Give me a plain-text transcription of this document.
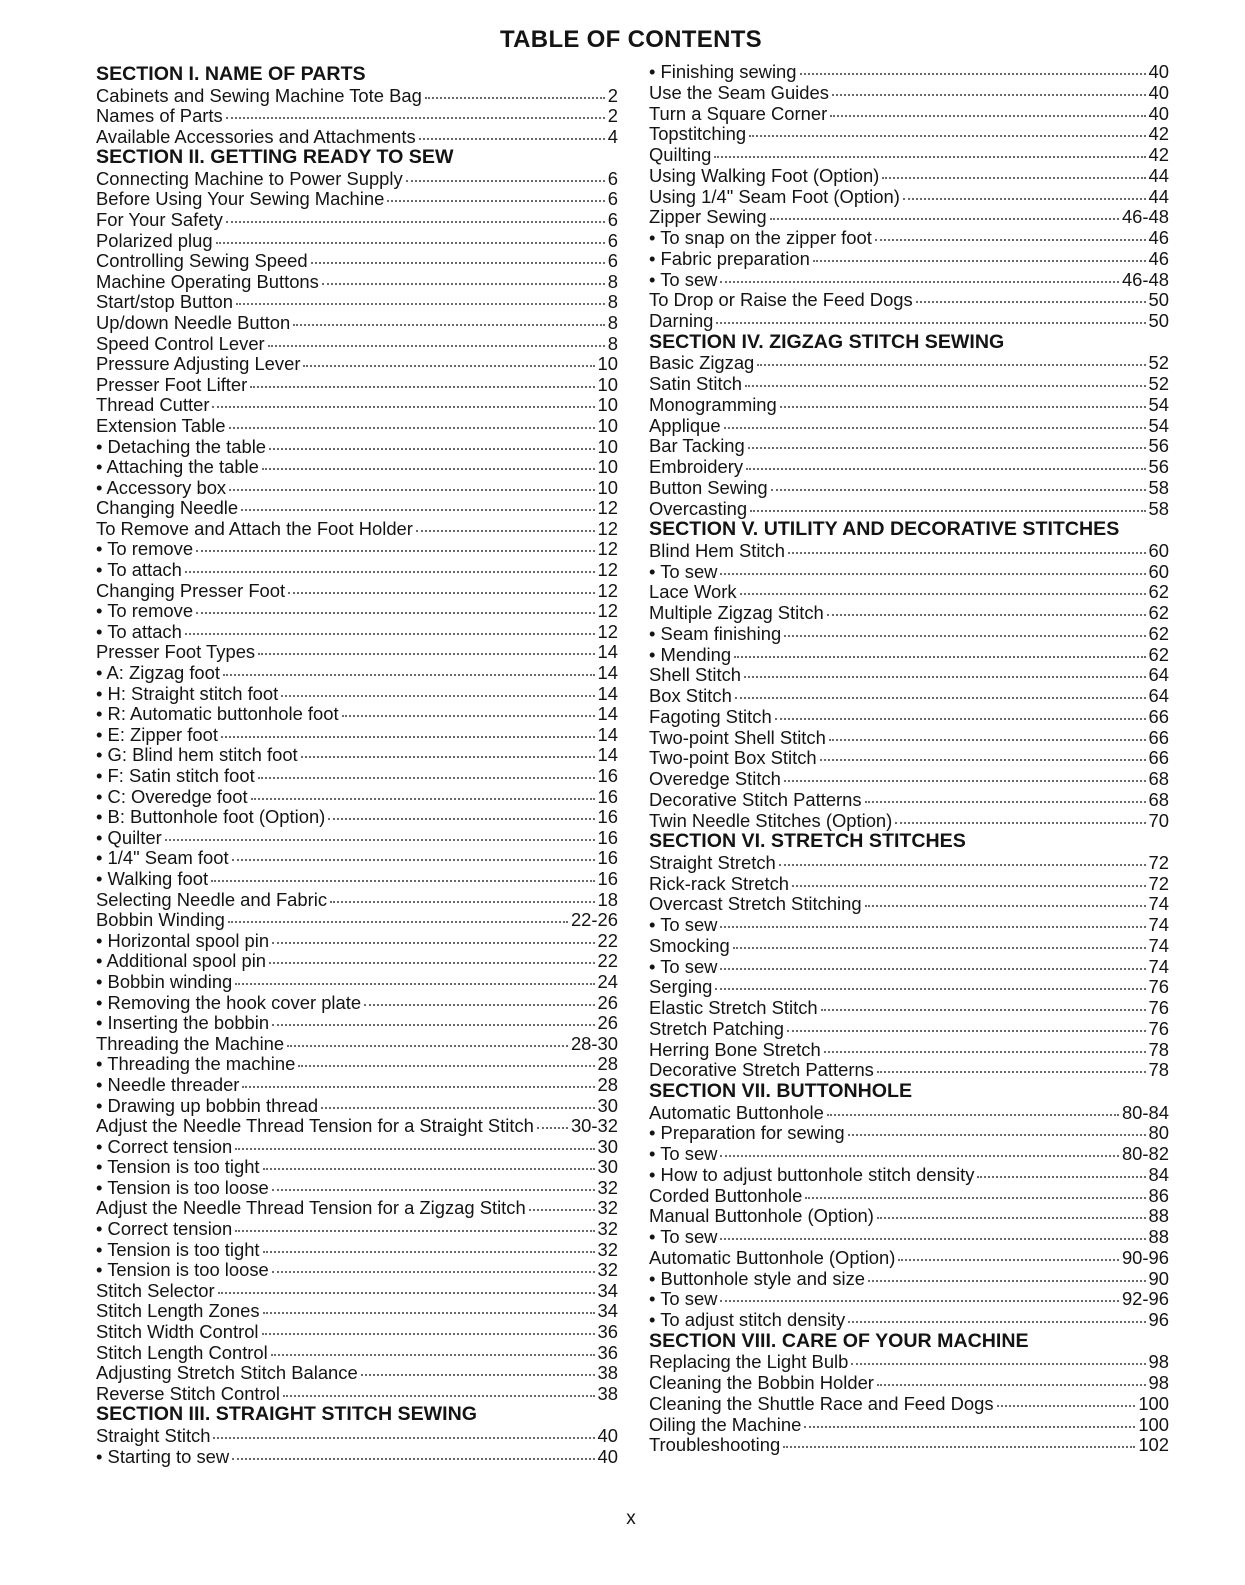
TABLE OF CONTENTS
SECTION I. NAME OF PARTS
Cabinets and Sewing Machine Tote Bag	2
Names of Parts	2
Available Accessories and Attachments	4
SECTION II. GETTING READY TO SEW
Connecting Machine to Power Supply	6
Before Using Your Sewing Machine	6
For Your Safety	6
Polarized plug	6
Controlling Sewing Speed	6
Machine Operating Buttons	8
Start/stop Button	8
Up/down Needle Button	8
Speed Control Lever	8
Pressure Adjusting Lever	10
Presser Foot Lifter	10
Thread Cutter	10
Extension Table	10
• Detaching the table	10
• Attaching the table	10
• Accessory box	10
Changing Needle	12
To Remove and Attach the Foot Holder	12
• To remove	12
• To attach	12
Changing Presser Foot	12
• To remove	12
• To attach	12
Presser Foot Types	14
• A: Zigzag foot	14
• H: Straight stitch foot	14
• R: Automatic buttonhole foot	14
• E: Zipper foot	14
• G: Blind hem stitch foot	14
• F: Satin stitch foot	16
• C: Overedge foot	16
• B: Buttonhole foot (Option)	16
• Quilter	16
• 1/4" Seam foot	16
• Walking foot	16
Selecting Needle and Fabric	18
Bobbin Winding	22-26
• Horizontal spool pin	22
• Additional spool pin	22
• Bobbin winding	24
• Removing the hook cover plate	26
• Inserting the bobbin	26
Threading the Machine	28-30
• Threading the machine	28
• Needle threader	28
• Drawing up bobbin thread	30
Adjust the Needle Thread Tension for a Straight Stitch 30-32
• Correct tension	30
• Tension is too tight	30
• Tension is too loose	32
Adjust the Needle Thread Tension for a Zigzag Stitch	32
• Correct tension	32
• Tension is too tight	32
• Tension is too loose	32
Stitch Selector	34
Stitch Length Zones	34
Stitch Width Control	36
Stitch Length Control	36
Adjusting Stretch Stitch Balance	38
Reverse Stitch Control	38
SECTION III. STRAIGHT STITCH SEWING
Straight Stitch	40
• Starting to sew	40
• Finishing sewing	40
Use the Seam Guides	40
Turn a Square Corner	40
Topstitching	42
Quilting	42
Using Walking Foot (Option)	44
Using 1/4" Seam Foot (Option)	44
Zipper Sewing	46-48
• To snap on the zipper foot	46
• Fabric preparation	46
• To sew	46-48
To Drop or Raise the Feed Dogs	50
Darning	50
SECTION IV. ZIGZAG STITCH SEWING
Basic Zigzag	52
Satin Stitch	52
Monogramming	54
Applique	54
Bar Tacking	56
Embroidery	56
Button Sewing	58
Overcasting	58
SECTION V. UTILITY AND DECORATIVE STITCHES
Blind Hem Stitch	60
• To sew	60
Lace Work	62
Multiple Zigzag Stitch	62
• Seam finishing	62
• Mending	62
Shell Stitch	64
Box Stitch	64
Fagoting Stitch	66
Two-point Shell Stitch	66
Two-point Box Stitch	66
Overedge Stitch	68
Decorative Stitch Patterns	68
Twin Needle Stitches (Option)	70
SECTION VI. STRETCH STITCHES
Straight Stretch	72
Rick-rack Stretch	72
Overcast Stretch Stitching	74
• To sew	74
Smocking	74
• To sew	74
Serging	76
Elastic Stretch Stitch	76
Stretch Patching	76
Herring Bone Stretch	78
Decorative Stretch Patterns	78
SECTION VII. BUTTONHOLE
Automatic Buttonhole	80-84
• Preparation for sewing	80
• To sew	80-82
• How to adjust buttonhole stitch density	84
Corded Buttonhole	86
Manual Buttonhole (Option)	88
• To sew	88
Automatic Buttonhole (Option)	90-96
• Buttonhole style and size	90
• To sew	92-96
• To adjust stitch density	96
SECTION VIII. CARE OF YOUR MACHINE
Replacing the Light Bulb	98
Cleaning the Bobbin Holder	98
Cleaning the Shuttle Race and Feed Dogs	100
Oiling the Machine	100
Troubleshooting	102
x
